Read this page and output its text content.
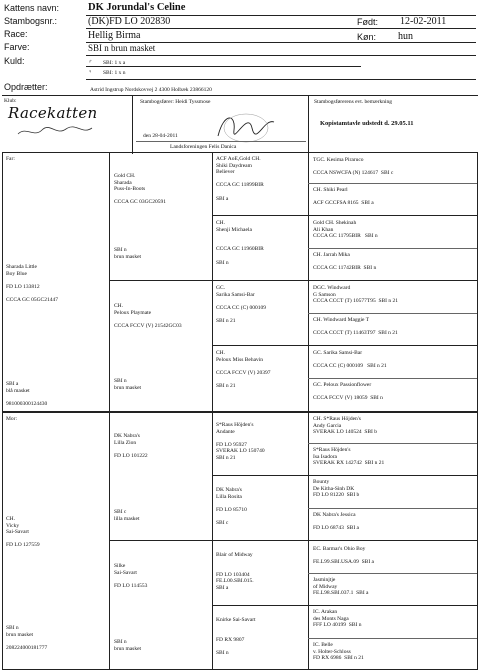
Kattens navn:	DK Jorundal's Celine
Stambogsnr.:	(DK)FD LO 202830	Født: 12-02-2011
Race:	Hellig Birma	Køn: hun
Farve:	SBI n brun masket
Kuld:	♂ SBI: 1 x a
♀ SBI: 1 x n
Opdrætter:	Astrid Ingstrup Nordskovvej 2 4300 Holbæk 23866120
Klub:
Racekatten
Stambogsfører: Heidi Tyssmose
den 28-04-2011
Landsforeningen Felis Danica
Stambogsførerens evt. bemærkning
Kopistamtavle udstedt d. 29.05.11
Far:
Sharada Little
Boy Blue

FD LO 133812

CCCA GC 05GC21447
SBI a
blå masket

981000300124430
Gold CH.
Sharada
Puss-In-Boots

CCCA GC 03GC20591
SBI n
brun masket
CH.
Peloux Playmate

CCCA FCCV (V) 21542GC03
SBI n
brun masket
ACF AoE,Gold CH.
Shiki Daydream
Believer

CCCA GC 11899BIR

SBI a
CH.
Shenji Michaela

CCCA GC 11960BIR

SBI n
GC.
Sarika Samsi-Bar

CCCA CC (C) 000109

SBI n 21
CH.
Peloux Miss Behavin

CCCA FCCV (V) 20397

SBI n 21
TGC. Kesima Piraruco

CCCA NSWCFA (N) 124617  SBI c
CH. Shiki Pearl

ACF GCCFSA 8165  SBI a
Gold CH. Shekinah
Ali Khan
CCCA GC 11795BIR   SBI n
CH. Jarrah Mika

CCCA GC 11742BIR  SBI n
DGC. Windward
G Samson
CCCA CCCT (T) 10577T95  SBI n 21
CH. Windward Maggie T

CCCA CCCT (T) 11463T97  SBI n 21
GC. Sarika Samsi-Bar

CCCA CC (C) 000109   SBI n 21
GC. Peloux Passionflower

CCCA FCCV (V) 18059  SBI n
Mor:
CH.
Vicky
Sai-Savart

FD LO 127559
SBI n
brun masket

208224000181777
DK Nabra's
Lilla Zion

FD LO 101222
SBI c
lilla masket
Silke
Sai-Savart

FD LO 114553
SBI n
brun masket
S*Raus Höjden's
Andante

FD LO 95927
SVERAK LO 150740
SBI n 21
DK Nabra's
Lilla Rosita

FD LO 85710

SBI c
Blair of Midway

FD LO 103404
FE.L00.SBI.015.
SBI a
Knirke Sai-Savart

FD RX 9807

SBI n
CH. S*Raus Höjden's
Andy Garcia
SVERAK LO 140524  SBI b
S*Raus Höjden's
Isa Isadora
SVERAK RX 142742  SBI n 21
Bounty
De Kitha-Sinh DK
FD LO 81220  SBI b
DK Nabra's Jessica

FD LO 68743  SBI a
EC. Barmar's Ohio Boy

FE.L99.SBI.USA.09  SBI a
Jasminjtje
of Midway
FE.L98.SBI.037.1  SBI a
IC. Arakan
des Monts Naga
FFF LO 40199  SBI n
IC. Belle
v. Holter-Schloss
FD RX 6986  SBI n 21
